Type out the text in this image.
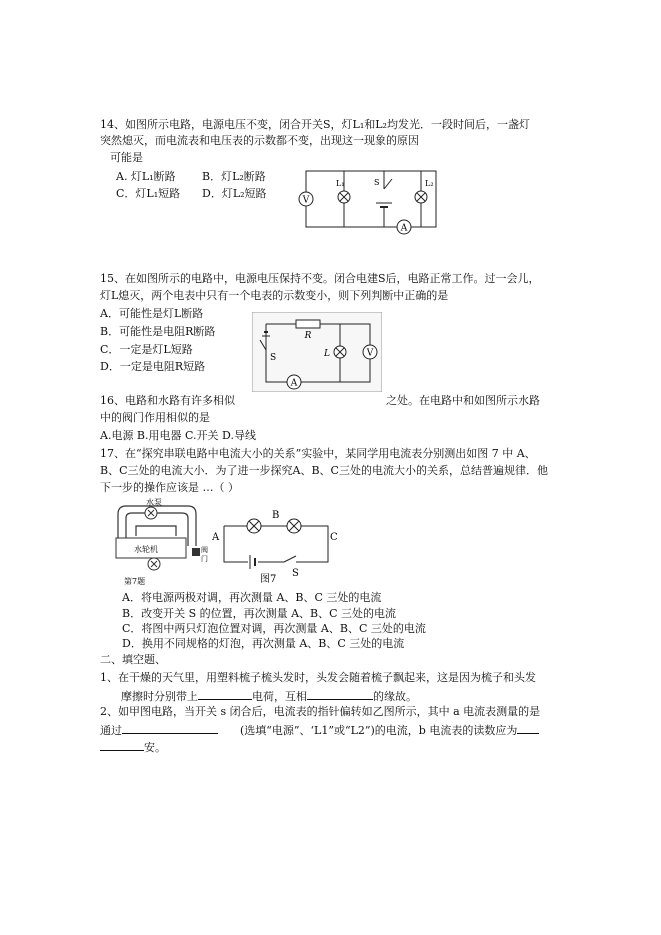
14、如图所示电路，电源电压不变，闭合开关S，灯L₁和L₂均发光．一段时间后，一盏灯
突然熄灭，而电流表和电压表的示数都不变，出现这一现象的原因
可能是
A. 灯L₁断路 B．灯L₂断路
C．灯L₁短路 D．灯L₂短路
V
L₁	S	L₂
A
15、在如图所示的电路中，电源电压保持不变。闭合电建S后，电路正常工作。过一会儿，
灯L熄灭，两个电表中只有一个电表的示数变小，则下列判断中正确的是
A．可能性是灯L断路
B．可能性是电阻R断路
C．一定是灯L短路
D．一定是电阻R短路
R
S	L	V
A
16、电路和水路有许多相似	之处。在电路中和如图所示水路
中的阀门作用相似的是
A.电源 B.用电器 C.开关 D.导线
17、在“探究串联电路中电流大小的关系”实验中，某同学用电流表分别测出如图 7 中 A、
B、C三处的电流大小．为了进一步探究A、B、C三处的电流大小的关系，总结普遍规律．他
下一步的操作应该是 …（ ）
水泵
水轮机	阀
门
第7题
A	C
B
S
图7
A．将电源两极对调，再次测量 A、B、C 三处的电流
B．改变开关 S 的位置，再次测量 A、B、C 三处的电流
C．将图中两只灯泡位置对调，再次测量 A、B、C 三处的电流
D．换用不同规格的灯泡，再次测量 A、B、C 三处的电流
二、填空题、
1、在干燥的天气里，用塑料梳子梳头发时，头发会随着梳子飘起来，这是因为梳子和头发
摩擦时分别带上	电荷，互相	的缘故。
2、如甲图电路，当开关 s 闭合后，电流表的指针偏转如乙图所示，其中 a 电流表测量的是
通过	(选填“电源”、‘L1”或“L2”)的电流，b 电流表的读数应为
安。
